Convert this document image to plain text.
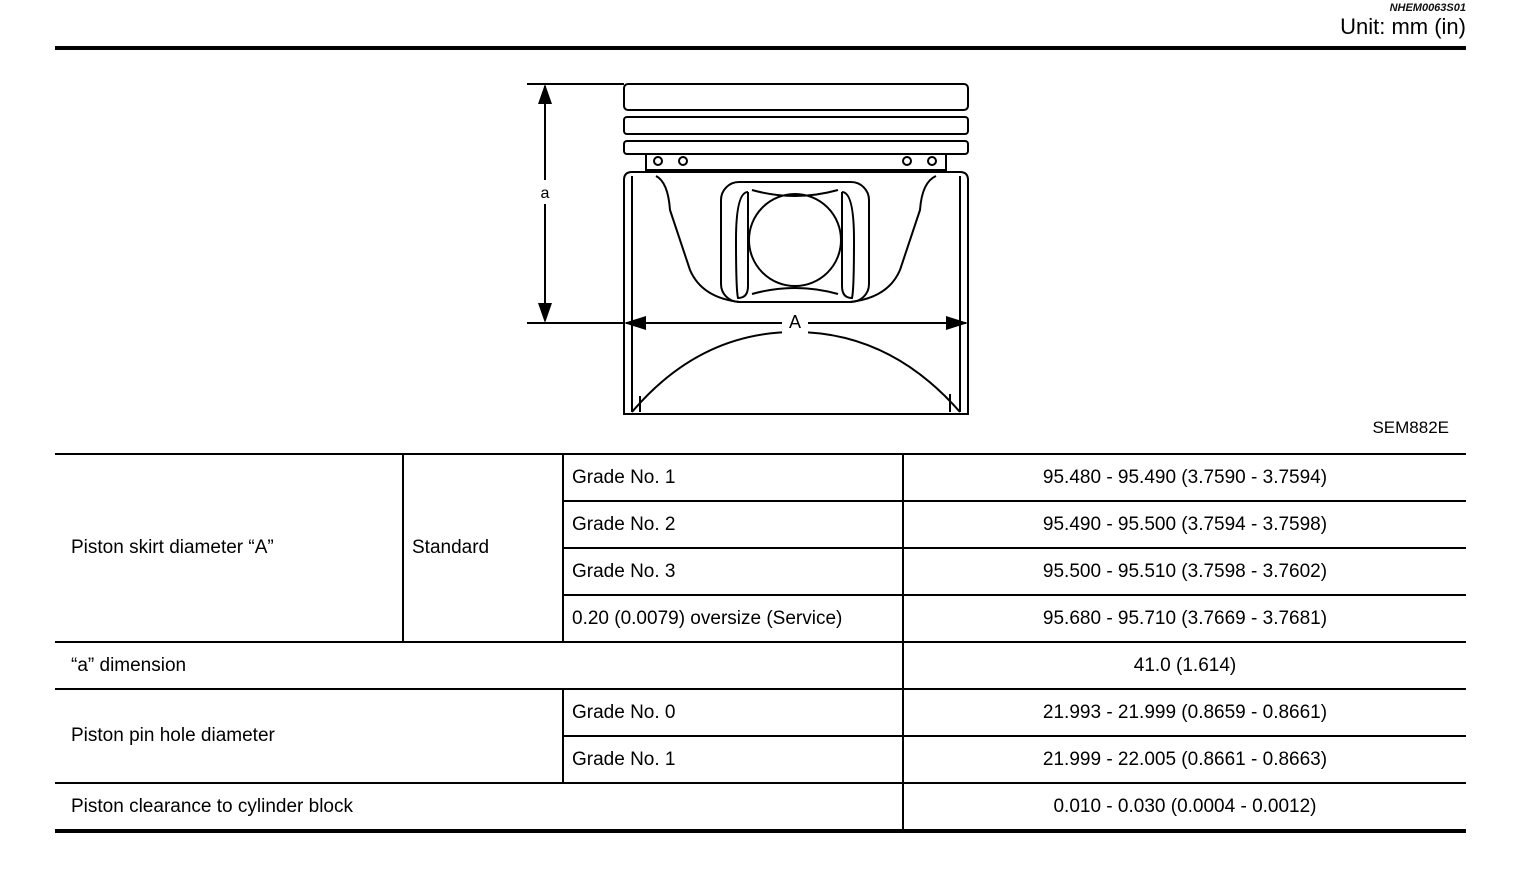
NHEM0063S01
Unit: mm (in)
a
A
SEM882E
Piston skirt diameter “A”	Standard	Grade No. 1	95.480 - 95.490 (3.7590 - 3.7594)
		Grade No. 2	95.490 - 95.500 (3.7594 - 3.7598)
		Grade No. 3	95.500 - 95.510 (3.7598 - 3.7602)
		0.20 (0.0079) oversize (Service)	95.680 - 95.710 (3.7669 - 3.7681)
“a” dimension			41.0 (1.614)
Piston pin hole diameter		Grade No. 0	21.993 - 21.999 (0.8659 - 0.8661)
		Grade No. 1	21.999 - 22.005 (0.8661 - 0.8663)
Piston clearance to cylinder block			0.010 - 0.030 (0.0004 - 0.0012)
